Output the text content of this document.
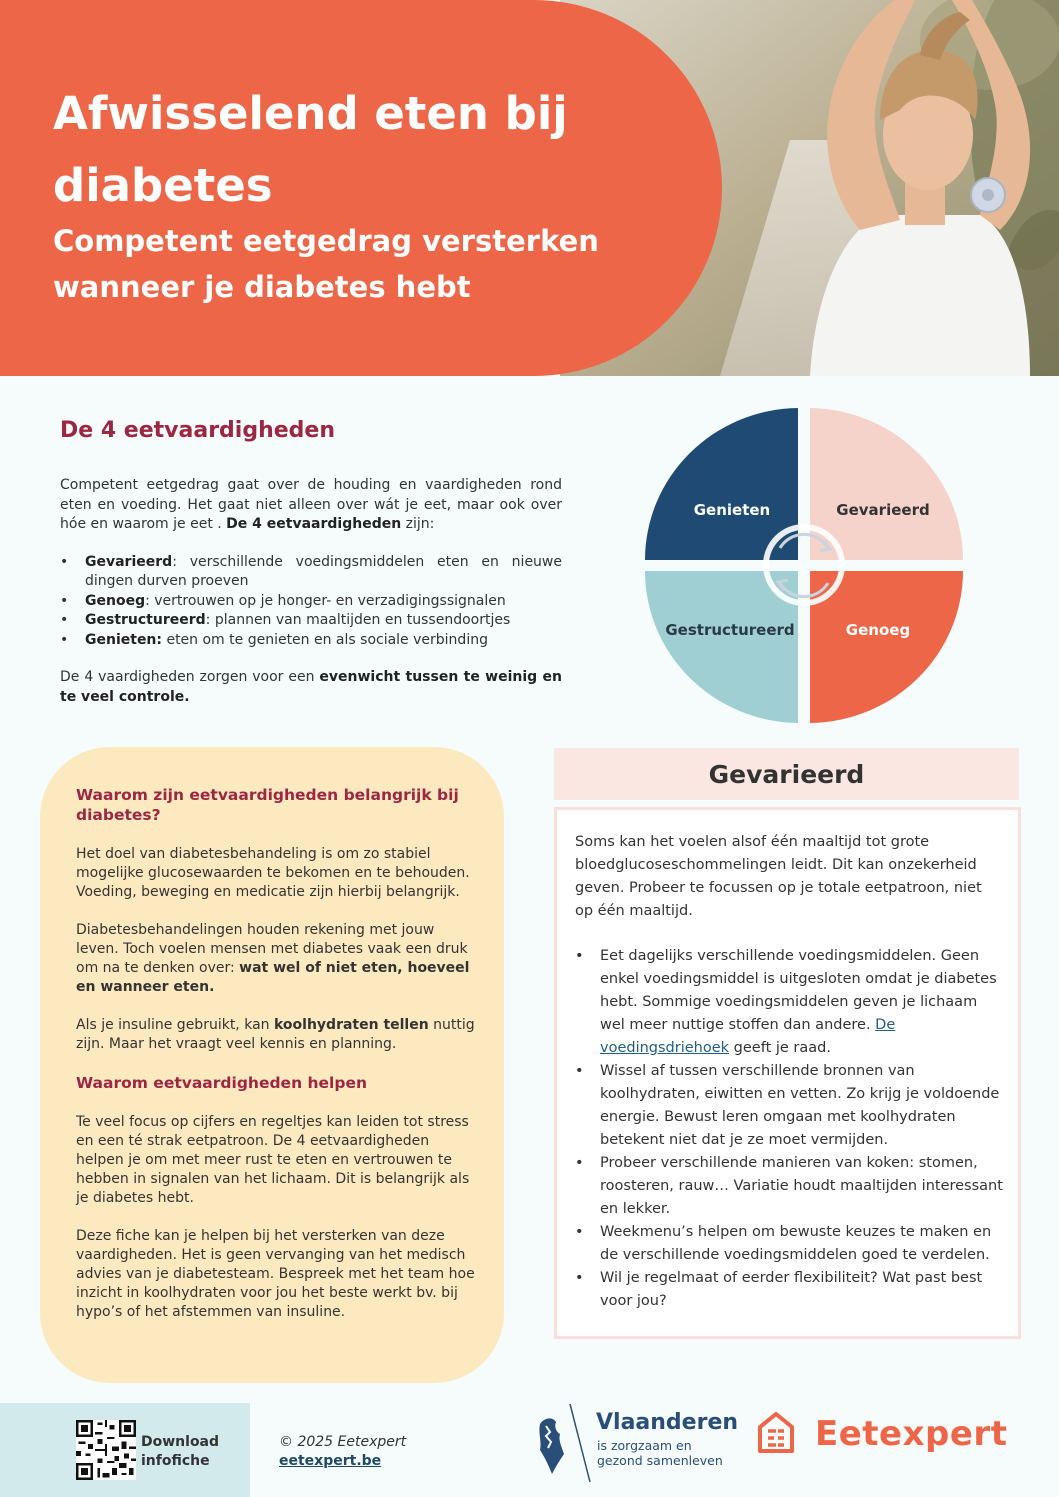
Afwisselend eten bij diabetes
Competent eetgedrag versterken wanneer je diabetes hebt
De 4 eetvaardigheden

Competent eetgedrag gaat over de houding en vaardigheden rond eten en voeding. Het gaat niet alleen over wát je eet, maar ook over hóe en waarom je eet . De 4 eetvaardigheden zijn:

• Gevarieerd: verschillende voedingsmiddelen eten en nieuwe dingen durven proeven
• Genoeg: vertrouwen op je honger- en verzadigingssignalen
• Gestructureerd: plannen van maaltijden en tussendoortjes
• Genieten: eten om te genieten en als sociale verbinding

De 4 vaardigheden zorgen voor een evenwicht tussen te weinig en te veel controle.

Genieten	Gevarieerd
Gestructureerd	Genoeg
Waarom zijn eetvaardigheden belangrijk bij diabetes?

Het doel van diabetesbehandeling is om zo stabiel mogelijke glucosewaarden te bekomen en te behouden. Voeding, beweging en medicatie zijn hierbij belangrijk.

Diabetesbehandelingen houden rekening met jouw leven. Toch voelen mensen met diabetes vaak een druk om na te denken over: wat wel of niet eten, hoeveel en wanneer eten.

Als je insuline gebruikt, kan koolhydraten tellen nuttig zijn. Maar het vraagt veel kennis en planning.

Waarom eetvaardigheden helpen

Te veel focus op cijfers en regeltjes kan leiden tot stress en een té strak eetpatroon. De 4 eetvaardigheden helpen je om met meer rust te eten en vertrouwen te hebben in signalen van het lichaam. Dit is belangrijk als je diabetes hebt.

Deze fiche kan je helpen bij het versterken van deze vaardigheden. Het is geen vervanging van het medisch advies van je diabetesteam. Bespreek met het team hoe inzicht in koolhydraten voor jou het beste werkt bv. bij hypo’s of het afstemmen van insuline.

Gevarieerd

Soms kan het voelen alsof één maaltijd tot grote bloedglucoseschommelingen leidt. Dit kan onzekerheid geven. Probeer te focussen op je totale eetpatroon, niet op één maaltijd.

• Eet dagelijks verschillende voedingsmiddelen. Geen enkel voedingsmiddel is uitgesloten omdat je diabetes hebt. Sommige voedingsmiddelen geven je lichaam wel meer nuttige stoffen dan andere. De voedingsdriehoek geeft je raad.
• Wissel af tussen verschillende bronnen van koolhydraten, eiwitten en vetten. Zo krijg je voldoende energie. Bewust leren omgaan met koolhydraten betekent niet dat je ze moet vermijden.
• Probeer verschillende manieren van koken: stomen, roosteren, rauw… Variatie houdt maaltijden interessant en lekker.
• Weekmenu’s helpen om bewuste keuzes te maken en de verschillende voedingsmiddelen goed te verdelen.
• Wil je regelmaat of eerder flexibiliteit? Wat past best voor jou?
Download
infofiche
© 2025 Eetexpert
eetexpert.be
Vlaanderen
is zorgzaam en
gezond samenleven
Eetexpert
